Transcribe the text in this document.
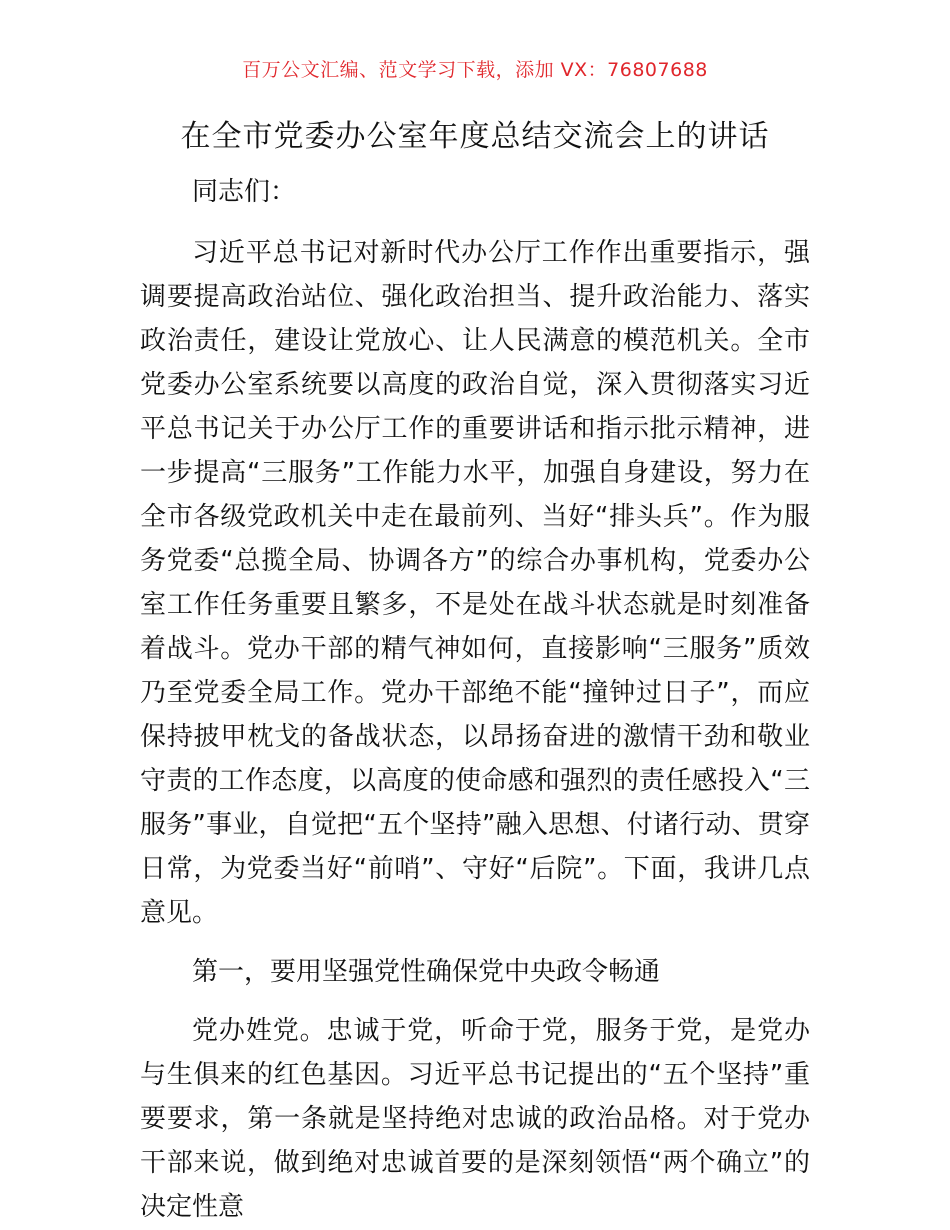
百万公文汇编、范文学习下载，添加 VX：76807688
在全市党委办公室年度总结交流会上的讲话

同志们：

习近平总书记对新时代办公厅工作作出重要指示，强调要提高政治站位、强化政治担当、提升政治能力、落实政治责任，建设让党放心、让人民满意的模范机关。全市党委办公室系统要以高度的政治自觉，深入贯彻落实习近平总书记关于办公厅工作的重要讲话和指示批示精神，进一步提高“三服务”工作能力水平，加强自身建设，努力在全市各级党政机关中走在最前列、当好“排头兵”。作为服务党委“总揽全局、协调各方”的综合办事机构，党委办公室工作任务重要且繁多，不是处在战斗状态就是时刻准备着战斗。党办干部的精气神如何，直接影响“三服务”质效乃至党委全局工作。党办干部绝不能“撞钟过日子”，而应保持披甲枕戈的备战状态，以昂扬奋进的激情干劲和敬业守责的工作态度，以高度的使命感和强烈的责任感投入“三服务”事业，自觉把“五个坚持”融入思想、付诸行动、贯穿日常，为党委当好“前哨”、守好“后院”。下面，我讲几点意见。

第一，要用坚强党性确保党中央政令畅通

党办姓党。忠诚于党，听命于党，服务于党，是党办与生俱来的红色基因。习近平总书记提出的“五个坚持”重要要求，第一条就是坚持绝对忠诚的政治品格。对于党办干部来说，做到绝对忠诚首要的是深刻领悟“两个确立”的决定性意
